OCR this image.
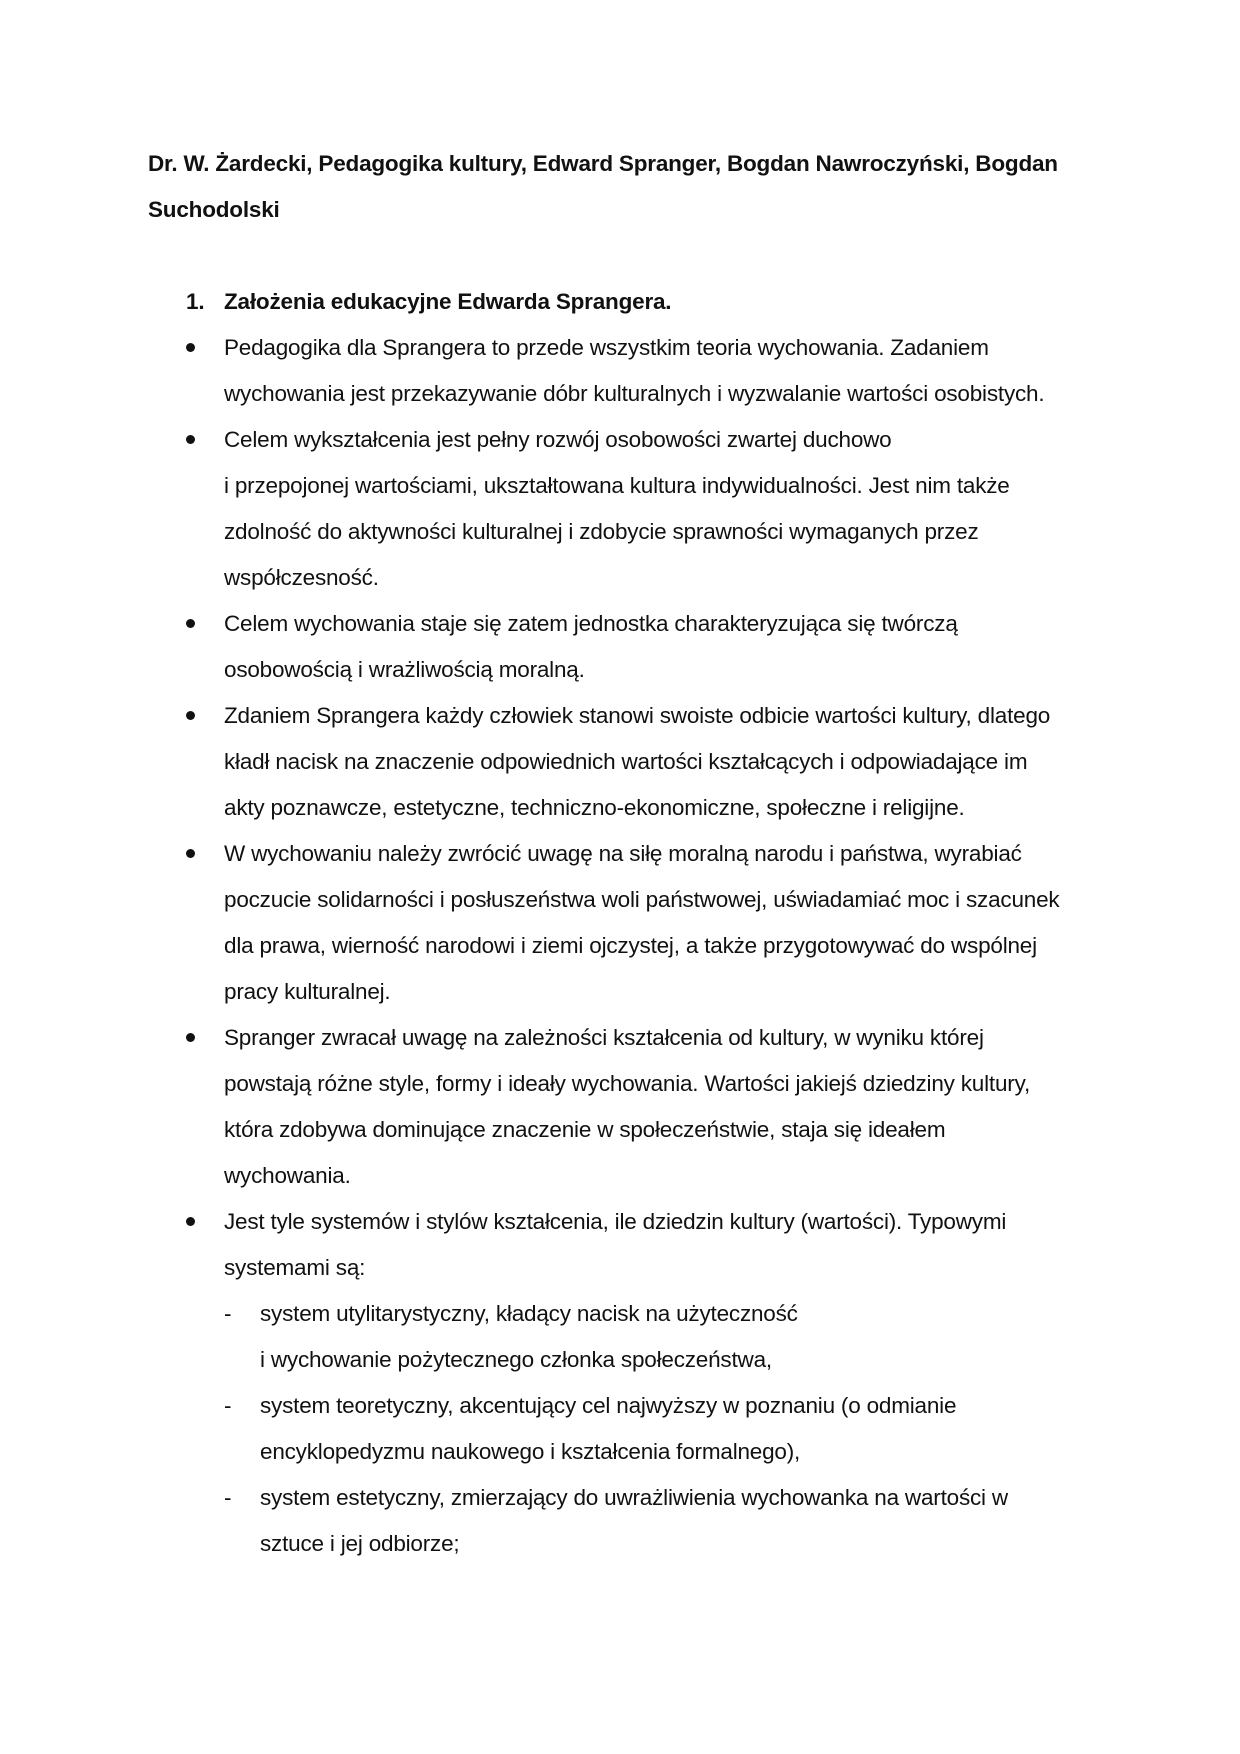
Dr. W. Żardecki, Pedagogika kultury, Edward Spranger, Bogdan Nawroczyński, Bogdan
Suchodolski
1. Założenia edukacyjne Edwarda Sprangera.
Pedagogika dla Sprangera to przede wszystkim teoria wychowania. Zadaniem
wychowania jest przekazywanie dóbr kulturalnych i wyzwalanie wartości osobistych.
Celem wykształcenia jest pełny rozwój osobowości zwartej duchowo
i przepojonej wartościami, ukształtowana kultura indywidualności. Jest nim także
zdolność do aktywności kulturalnej i zdobycie sprawności wymaganych przez
współczesność.
Celem wychowania staje się zatem jednostka charakteryzująca się twórczą
osobowością i wrażliwością moralną.
Zdaniem Sprangera każdy człowiek stanowi swoiste odbicie wartości kultury, dlatego
kładł nacisk na znaczenie odpowiednich wartości kształcących i odpowiadające im
akty poznawcze, estetyczne, techniczno-ekonomiczne, społeczne i religijne.
W wychowaniu należy zwrócić uwagę na siłę moralną narodu i państwa, wyrabiać
poczucie solidarności i posłuszeństwa woli państwowej, uświadamiać moc i szacunek
dla prawa, wierność narodowi i ziemi ojczystej, a także przygotowywać do wspólnej
pracy kulturalnej.
Spranger zwracał uwagę na zależności kształcenia od kultury, w wyniku której
powstają różne style, formy i ideały wychowania. Wartości jakiejś dziedziny kultury,
która zdobywa dominujące znaczenie w społeczeństwie, staja się ideałem
wychowania.
Jest tyle systemów i stylów kształcenia, ile dziedzin kultury (wartości). Typowymi
systemami są:
- system utylitarystyczny, kładący nacisk na użyteczność
i wychowanie pożytecznego członka społeczeństwa,
- system teoretyczny, akcentujący cel najwyższy w poznaniu (o odmianie
encyklopedyzmu naukowego i kształcenia formalnego),
- system estetyczny, zmierzający do uwrażliwienia wychowanka na wartości w
sztuce i jej odbiorze;
